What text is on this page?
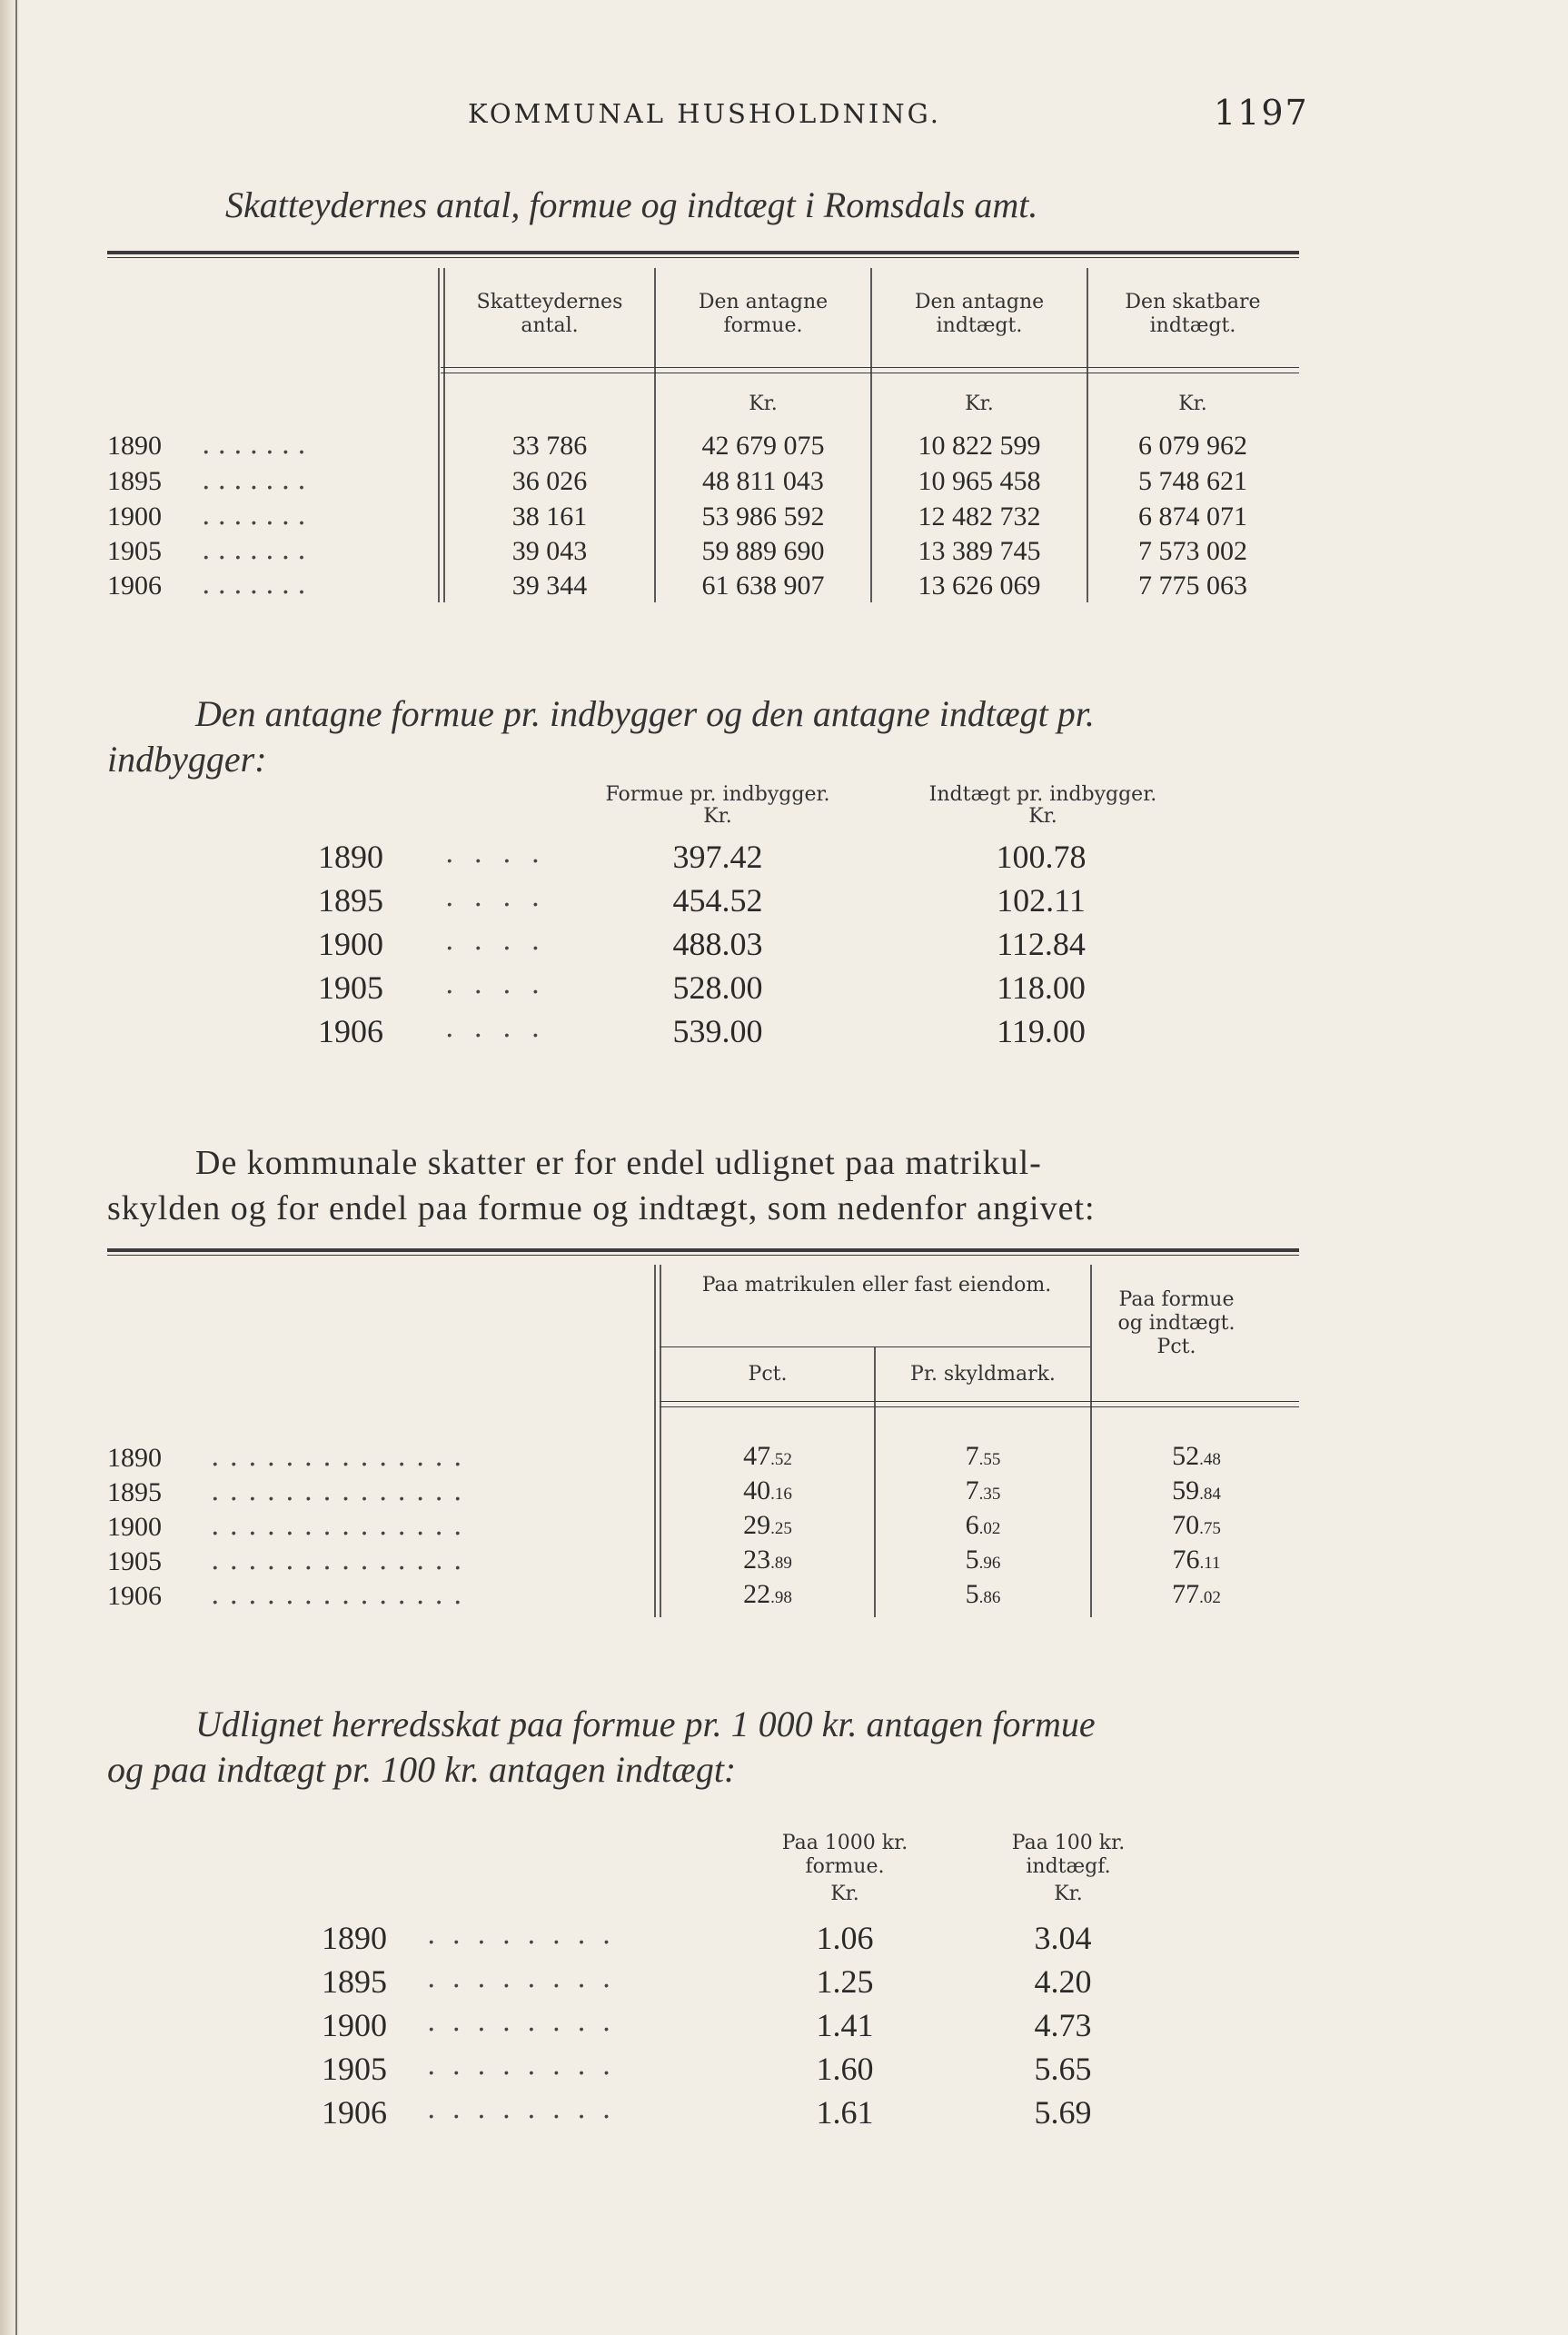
KOMMUNAL HUSHOLDNING.	1197
Skatteydernes antal, formue og indtægt i Romsdals amt.
Skatteydernes antal.
Den antagne formue.
Den antagne indtægt.
Den skatbare indtægt.
Kr.	Kr.	Kr.
1890 .......	33 786	42 679 075	10 822 599	6 079 962
1895 .......	36 026	48 811 043	10 965 458	5 748 621
1900 .......	38 161	53 986 592	12 482 732	6 874 071
1905 .......	39 043	59 889 690	13 389 745	7 573 002
1906 .......	39 344	61 638 907	13 626 069	7 775 063
Den antagne formue pr. indbygger og den antagne indtægt pr.
indbygger:
Formue pr. indbygger.	Indtægt pr. indbygger.
Kr.	Kr.
1890 ....	397.42	100.78
1895 ....	454.52	102.11
1900 ....	488.03	112.84
1905 ....	528.00	118.00
1906 ....	539.00	119.00
De kommunale skatter er for endel udlignet paa matrikul-
skylden og for endel paa formue og indtægt, som nedenfor angivet:
Paa matrikulen eller fast eiendom.
Pct.	Pr. skyldmark.
Paa formue og indtægt. Pct.
1890 ..............	47.52	7.55	52.48
1895 ..............	40.16	7.35	59.84
1900 ..............	29.25	6.02	70.75
1905 ..............	23.89	5.96	76.11
1906 ..............	22.98	5.86	77.02
Udlignet herredsskat paa formue pr. 1 000 kr. antagen formue
og paa indtægt pr. 100 kr. antagen indtægt:
Paa 1000 kr. formue.
Paa 100 kr. indtægf.
Kr.	Kr.
1890 ........	1.06	3.04
1895 ........	1.25	4.20
1900 ........	1.41	4.73
1905 ........	1.60	5.65
1906 ........	1.61	5.69
